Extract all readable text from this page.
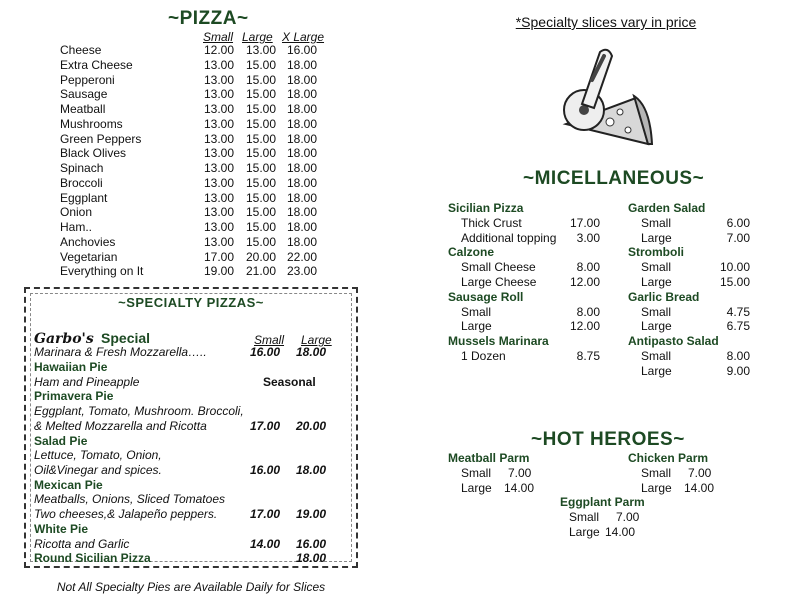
~PIZZA~
Small Large X Large
Cheese	12.00 13.00 16.00
Extra Cheese	13.00 15.00 18.00
Pepperoni	13.00 15.00 18.00
Sausage	13.00 15.00 18.00
Meatball	13.00 15.00 18.00
Mushrooms	13.00 15.00 18.00
Green Peppers	13.00 15.00 18.00
Black Olives	13.00 15.00 18.00
Spinach	13.00 15.00 18.00
Broccoli	13.00 15.00 18.00
Eggplant	13.00 15.00 18.00
Onion	13.00 15.00 18.00
Ham..	13.00 15.00 18.00
Anchovies	13.00 15.00 18.00
Vegetarian	17.00 20.00 22.00
Everything on It	19.00 21.00 23.00
~SPECIALTY PIZZAS~
Garbo's Special	Small Large
Marinara & Fresh Mozzarella…..	16.00 18.00
Hawaiian Pie
Ham and Pineapple	Seasonal
Primavera Pie
Eggplant, Tomato, Mushroom. Broccoli,
& Melted Mozzarella and Ricotta	17.00 20.00
Salad Pie
Lettuce, Tomato, Onion,
Oil&Vinegar and spices.	16.00 18.00
Mexican Pie
Meatballs, Onions, Sliced Tomatoes
Two cheeses,& Jalapeño peppers.	17.00 19.00
White Pie
Ricotta and Garlic	14.00 16.00
Round Sicilian Pizza	18.00
Not All Specialty Pies are Available Daily for Slices
*Specialty slices vary in price
~MICELLANEOUS~
Sicilian Pizza
Thick Crust	17.00
Additional topping	3.00
Calzone
Small Cheese	8.00
Large Cheese	12.00
Sausage Roll
Small	8.00
Large	12.00
Mussels Marinara
1 Dozen	8.75
Garden Salad
Small	6.00
Large	7.00
Stromboli
Small	10.00
Large	15.00
Garlic Bread
Small	4.75
Large	6.75
Antipasto Salad
Small	8.00
Large	9.00
~HOT HEROES~
Meatball Parm
Small 7.00
Large 14.00
Chicken Parm
Small 7.00
Large 14.00
Eggplant Parm
Small 7.00
Large 14.00
